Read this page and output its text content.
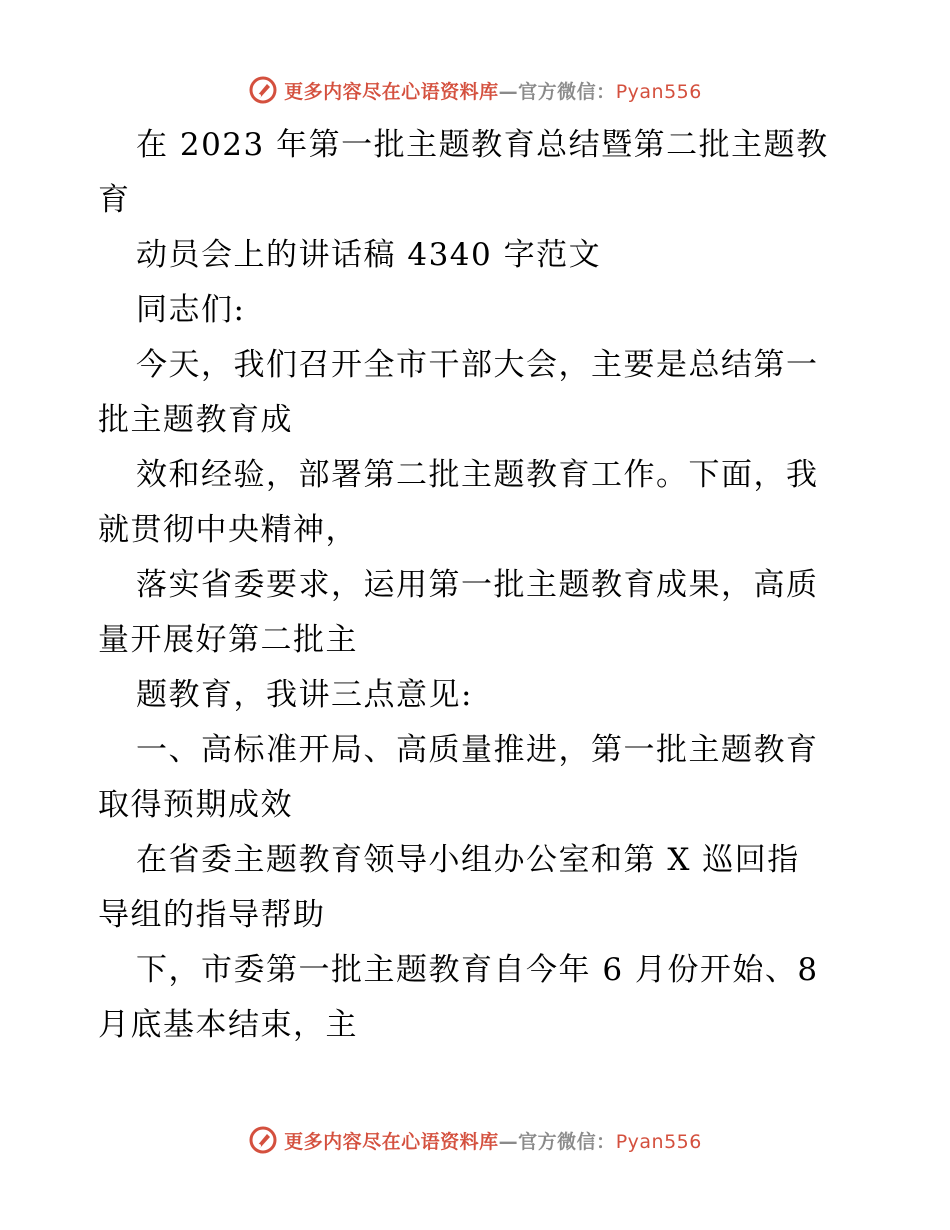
更多内容尽在心语资料库—官方微信：Pyan556
在 2023 年第一批主题教育总结暨第二批主题教
育
动员会上的讲话稿 4340 字范文
同志们:
今天，我们召开全市干部大会，主要是总结第一
批主题教育成
效和经验，部署第二批主题教育工作。下面，我
就贯彻中央精神，
落实省委要求，运用第一批主题教育成果，高质
量开展好第二批主
题教育，我讲三点意见:
一、高标准开局、高质量推进，第一批主题教育
取得预期成效
在省委主题教育领导小组办公室和第 X 巡回指
导组的指导帮助
下，市委第一批主题教育自今年 6 月份开始、8
月底基本结束，主
更多内容尽在心语资料库—官方微信：Pyan556
